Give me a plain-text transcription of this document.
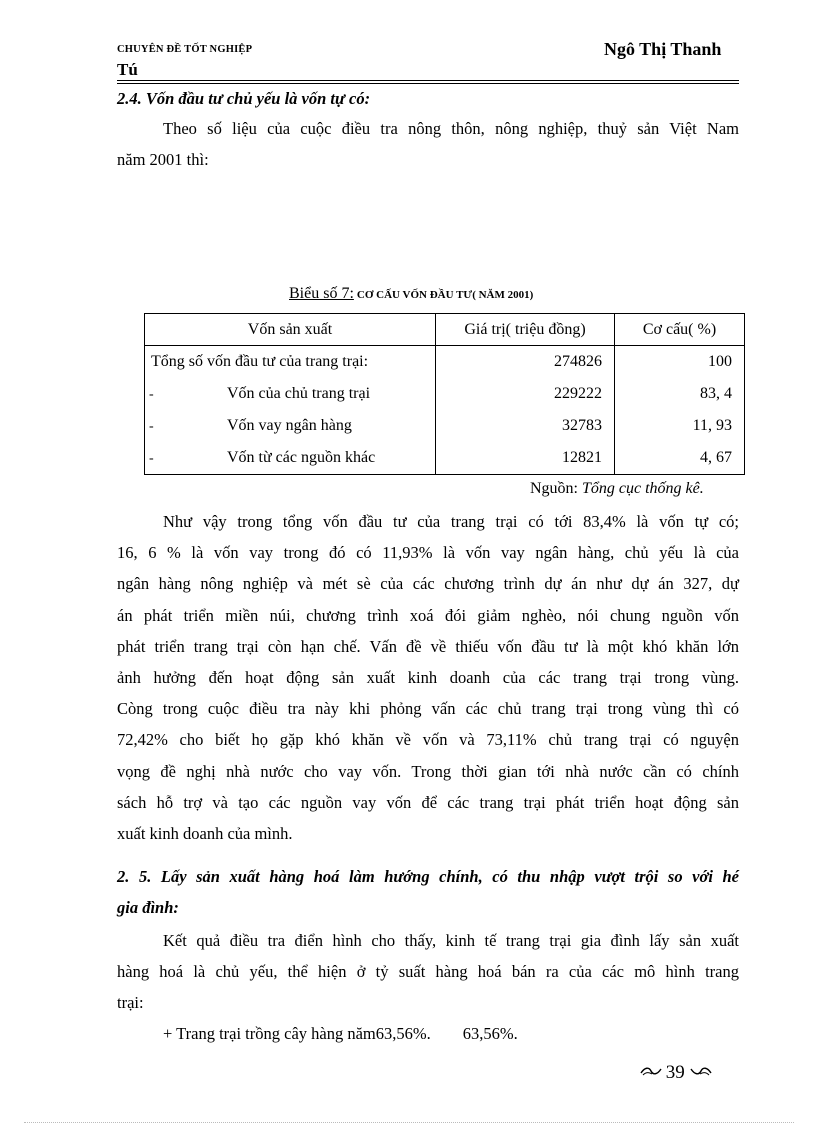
CHUYÊN ĐỀ TỐT NGHIỆP
Tú
Ngô Thị Thanh
2.4. Vốn đầu tư chủ yếu là vốn tự có:
Theo số liệu của cuộc điều tra nông thôn, nông nghiệp, thuỷ sản Việt Nam
năm 2001 thì:
Biểu số 7: CƠ CẤU VỐN ĐẦU TƯ( NĂM 2001)
Vốn sản xuất	Giá trị( triệu đồng)	Cơ cấu( %)
Tổng số vốn đầu tư của trang trại:	274826	100
- Vốn của chủ trang trại	229222	83, 4
- Vốn vay ngân hàng	32783	11, 93
- Vốn từ các nguồn khác	12821	4, 67
Nguồn: Tổng cục thống kê.
Như vậy trong tổng vốn đầu tư của trang trại có tới 83,4% là vốn tự có;
16, 6 % là vốn vay trong đó có 11,93% là vốn vay ngân hàng, chủ yếu là của
ngân hàng nông nghiệp và mét sè của các chương trình dự án như dự án 327, dự
án phát triển miền núi, chương trình xoá đói giảm nghèo, nói chung nguồn vốn
phát triển trang trại còn hạn chế. Vấn đề về thiếu vốn đầu tư là một khó khăn lớn
ảnh hưởng đến hoạt động sản xuất kinh doanh của các trang trại trong vùng.
Còng trong cuộc điều tra này khi phỏng vấn các chủ trang trại trong vùng thì có
72,42% cho biết họ gặp khó khăn về vốn và 73,11% chủ trang trại có nguyện
vọng đề nghị nhà nước cho vay vốn. Trong thời gian tới nhà nước cần có chính
sách hỗ trợ và tạo các nguồn vay vốn để các trang trại phát triển hoạt động sản
xuất kinh doanh của mình.
2. 5. Lấy sản xuất hàng hoá làm hướng chính, có thu nhập vượt trội so với hé
gia đình:
Kết quả điều tra điển hình cho thấy, kinh tế trang trại gia đình lấy sản xuất
hàng hoá là chủ yếu, thể hiện ở tỷ suất hàng hoá bán ra của các mô hình trang
trại:
+ Trang trại trồng cây hàng năm63,56%. 63,56%.
39
